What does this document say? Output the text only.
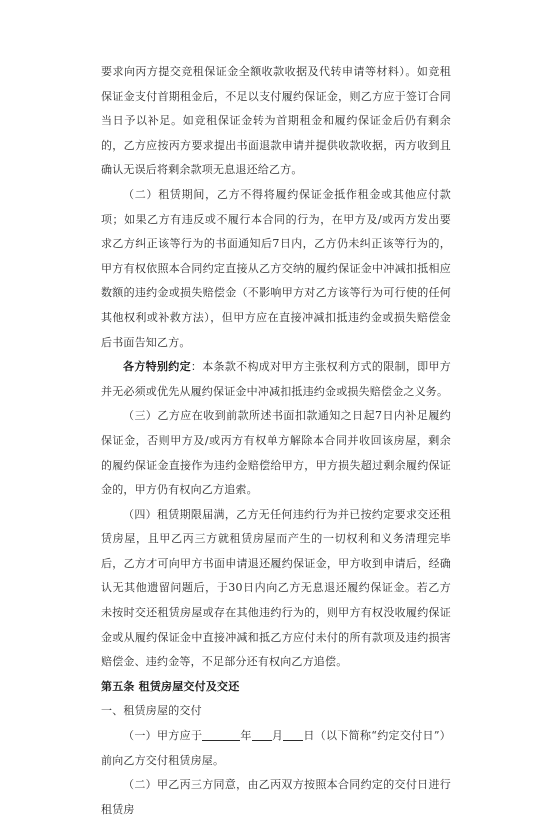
要求向丙方提交竞租保证金全额收款收据及代转申请等材料）。如竞租保证金支付首期租金后，不足以支付履约保证金，则乙方应于签订合同当日予以补足。如竞租保证金转为首期租金和履约保证金后仍有剩余的，乙方应按丙方要求提出书面退款申请并提供收款收据，丙方收到且确认无误后将剩余款项无息退还给乙方。

（二）租赁期间，乙方不得将履约保证金抵作租金或其他应付款项；如果乙方有违反或不履行本合同的行为，在甲方及/或丙方发出要求乙方纠正该等行为的书面通知后7日内，乙方仍未纠正该等行为的，甲方有权依照本合同约定直接从乙方交纳的履约保证金中冲减扣抵相应数额的违约金或损失赔偿金（不影响甲方对乙方该等行为可行使的任何其他权利或补救方法），但甲方应在直接冲减扣抵违约金或损失赔偿金后书面告知乙方。

各方特别约定：本条款不构成对甲方主张权利方式的限制，即甲方并无必须或优先从履约保证金中冲减扣抵违约金或损失赔偿金之义务。

（三）乙方应在收到前款所述书面扣款通知之日起7日内补足履约保证金，否则甲方及/或丙方有权单方解除本合同并收回该房屋，剩余的履约保证金直接作为违约金赔偿给甲方，甲方损失超过剩余履约保证金的，甲方仍有权向乙方追索。

（四）租赁期限届满，乙方无任何违约行为并已按约定要求交还租赁房屋，且甲乙丙三方就租赁房屋而产生的一切权利和义务清理完毕后，乙方才可向甲方书面申请退还履约保证金，甲方收到申请后，经确认无其他遗留问题后，于30日内向乙方无息退还履约保证金。若乙方未按时交还租赁房屋或存在其他违约行为的，则甲方有权没收履约保证金或从履约保证金中直接冲减和抵乙方应付未付的所有款项及违约损害赔偿金、违约金等，不足部分还有权向乙方追偿。

第五条 租赁房屋交付及交还

一、租赁房屋的交付

（一）甲方应于	年 月 日（以下简称“约定交付日”）前向乙方交付租赁房屋。

（二）甲乙丙三方同意，由乙丙双方按照本合同约定的交付日进行租赁房
